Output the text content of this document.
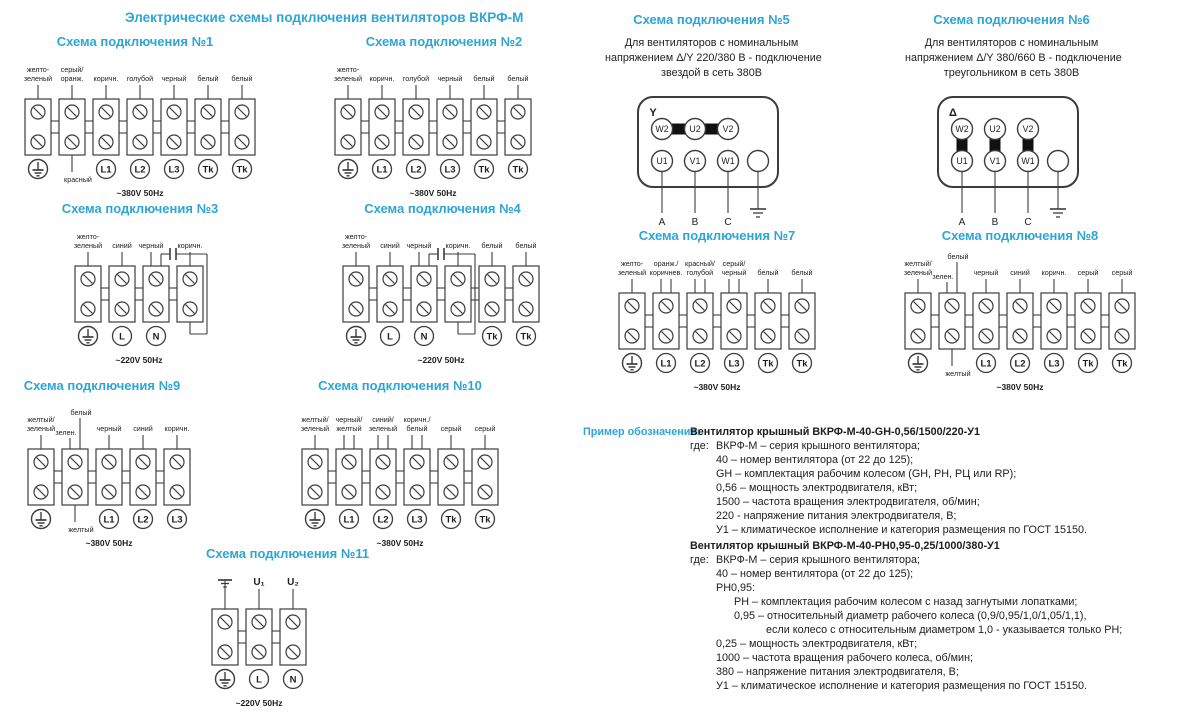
Электрические схемы подключения вентиляторов ВКРФ-М
Схема подключения №1
желто-
зеленый
серый/
оранж.
красный
коричн.
L1
голубой
L2
черный
L3
белый
Tk
белый
Tk
~380V 50Hz
Схема подключения №2
желто-
зеленый коричн.
L1
голубой
L2
черный
L3
белый
Tk
белый
Tk
~380V 50Hz
Схема подключения №3
желто-
зеленый синий
L
черный
N
коричн.
~220V 50Hz
Схема подключения №4
желто-
зеленый синий
L
черный
N
коричн. белый
Tk
белый
Tk
~220V 50Hz
Схема подключения №5
Для вентиляторов с номинальным
напряжением Δ/Y 220/380 В - подключение
звездой в сеть 380В
Y
W2
U1
A
U2
V1
B
V2
W1
C
Схема подключения №6
Для вентиляторов с номинальным
напряжением Δ/Y 380/660 В - подключение
треугольником в сеть 380В
Δ
W2
U1
A
U2
V1
B
V2
W1
C
Схема подключения №7
желто-
зеленый
оранж./
коричнев.
L1
красный/
голубой
L2
серый/
черный
L3
белый
Tk
белый
Tk
~380V 50Hz
Схема подключения №8
желтый/
зеленый зелен.
белый
желтый
черный
L1
синий
L2
коричн.
L3
серый
Tk
серый
Tk
~380V 50Hz
Схема подключения №9
желтый/
зеленый зелен.
белый
желтый
черный
L1
синий
L2
коричн.
L3
~380V 50Hz
Схема подключения №10
желтый/
зеленый
черный/
желтый
L1
синий/
зеленый
L2
коричн./
белый
L3
серый
Tk
серый
Tk
~380V 50Hz
Схема подключения №11
U₁
L
U₂
N
~220V 50Hz
Пример обозначения:
Вентилятор крышный ВКРФ-М-40-GH-0,56/1500/220-У1
где: ВКРФ-М – серия крышного вентилятора;
40 – номер вентилятора (от 22 до 125);
GH – комплектация рабочим колесом (GH, PH, РЦ или RP);
0,56 – мощность электродвигателя, кВт;
1500 – частота вращения электродвигателя, об/мин;
220 - напряжение питания электродвигателя, В;
У1 – климатическое исполнение и категория размещения по ГОСТ 15150.
Вентилятор крышный ВКРФ-М-40-PH0,95-0,25/1000/380-У1
где: ВКРФ-М – серия крышного вентилятора;
40 – номер вентилятора (от 22 до 125);
PH0,95:
PH – комплектация рабочим колесом с назад загнутыми лопатками;
0,95 – относительный диаметр рабочего колеса (0,9/0,95/1,0/1,05/1,1),
если колесо с относительным диаметром 1,0 - указывается только PH;
0,25 – мощность электродвигателя, кВт;
1000 – частота вращения рабочего колеса, об/мин;
380 – напряжение питания электродвигателя, В;
У1 – климатическое исполнение и категория размещения по ГОСТ 15150.
